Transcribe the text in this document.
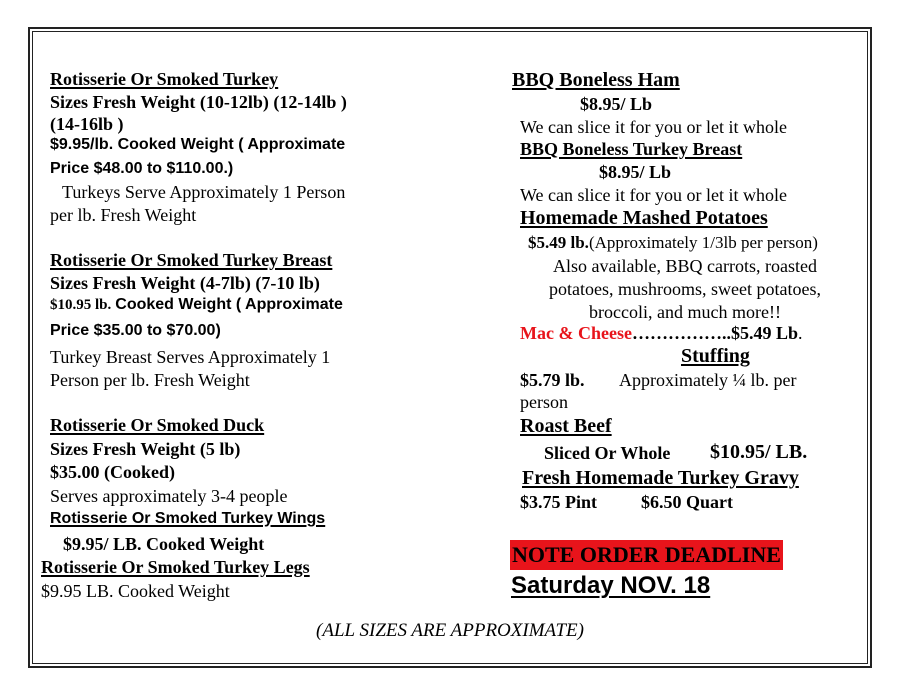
Rotisserie Or Smoked Turkey
Sizes Fresh Weight (10-12lb) (12-14lb )
(14-16lb )
$9.95/lb. Cooked Weight ( Approximate
Price $48.00 to $110.00.)
Turkeys Serve Approximately 1 Person
per lb. Fresh Weight
Rotisserie Or Smoked Turkey Breast
Sizes Fresh Weight (4-7lb) (7-10 lb)
$10.95 lb. Cooked Weight ( Approximate
Price $35.00 to $70.00)
Turkey Breast Serves Approximately 1
Person per lb. Fresh Weight
Rotisserie Or Smoked Duck
Sizes Fresh Weight (5 lb)
$35.00 (Cooked)
Serves approximately 3-4 people
Rotisserie Or Smoked Turkey Wings
$9.95/ LB. Cooked Weight
Rotisserie Or Smoked Turkey Legs
$9.95 LB. Cooked Weight
BBQ Boneless Ham
$8.95/ Lb
We can slice it for you or let it whole
BBQ Boneless Turkey Breast
$8.95/ Lb
We can slice it for you or let it whole
Homemade Mashed Potatoes
$5.49 lb.(Approximately 1/3lb per person)
Also available, BBQ carrots, roasted
potatoes, mushrooms, sweet potatoes,
broccoli, and much more!!
Mac & Cheese……………..$5.49 Lb.
Stuffing
$5.79 lb. Approximately ¼ lb. per
person
Roast Beef
Sliced Or Whole $10.95/ LB.
Fresh Homemade Turkey Gravy
$3.75 Pint $6.50 Quart
NOTE ORDER DEADLINE
Saturday NOV. 18
(ALL SIZES ARE APPROXIMATE)
